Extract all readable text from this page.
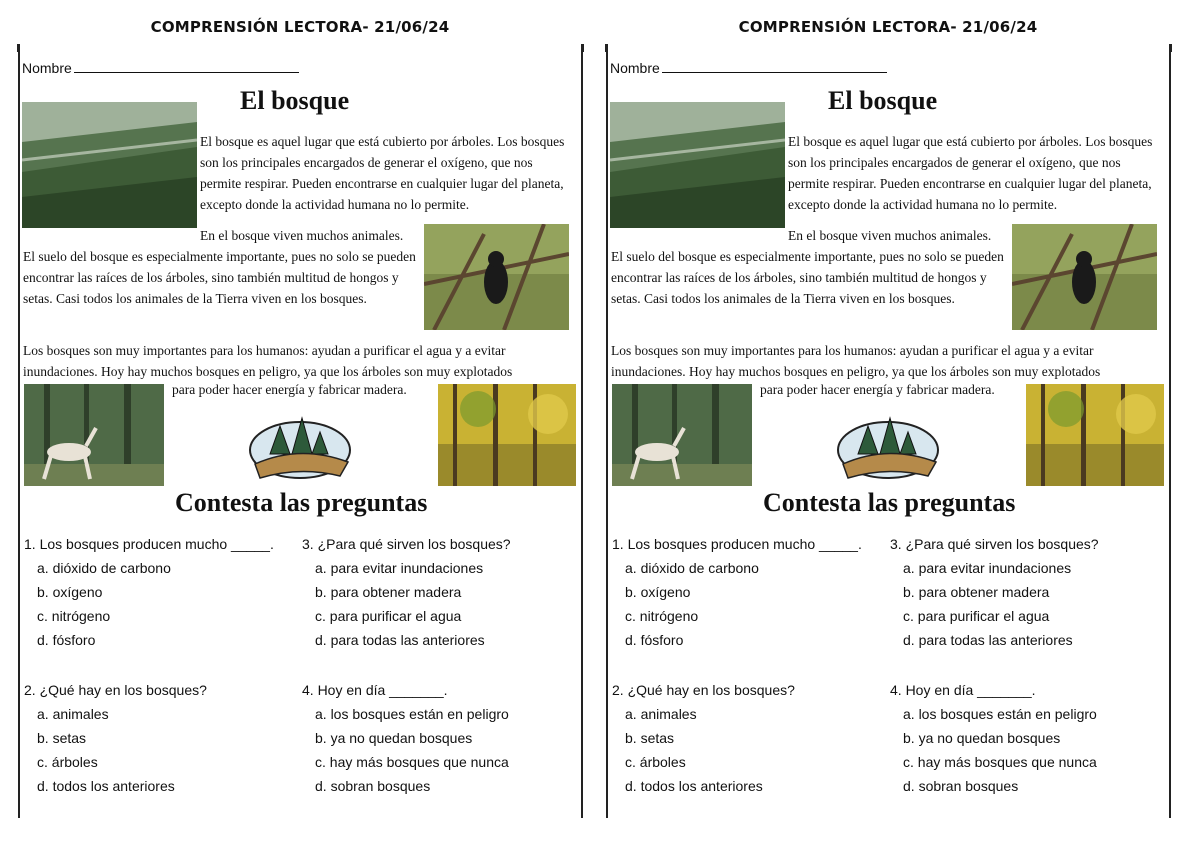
COMPRENSIÓN LECTORA- 21/06/24
Nombre
El bosque

El bosque es aquel lugar que está cubierto por árboles. Los bosques son los principales encargados de generar el oxígeno, que nos permite respirar. Pueden encontrarse en cualquier lugar del planeta, excepto donde la actividad humana no lo permite.

En el bosque viven muchos animales.

El suelo del bosque es especialmente importante, pues no solo se pueden encontrar las raíces de los árboles, sino también multitud de hongos y setas. Casi todos los animales de la Tierra viven en los bosques.

Los bosques son muy importantes para los humanos: ayudan a purificar el agua y a evitar inundaciones. Hoy hay muchos bosques en peligro, ya que los árboles son muy explotados

para poder hacer energía y fabricar madera.

Contesta las preguntas
1. Los bosques producen mucho _____.
a. dióxido de carbono
b. oxígeno
c. nitrógeno
d. fósforo
3. ¿Para qué sirven los bosques?
a. para evitar inundaciones
b. para obtener madera
c. para purificar el agua
d. para todas las anteriores
2. ¿Qué hay en los bosques?
a. animales
b. setas
c. árboles
d. todos los anteriores
4. Hoy en día _______.
a. los bosques están en peligro
b. ya no quedan bosques
c. hay más bosques que nunca
d. sobran bosques
COMPRENSIÓN LECTORA- 21/06/24
Nombre
El bosque

El bosque es aquel lugar que está cubierto por árboles. Los bosques son los principales encargados de generar el oxígeno, que nos permite respirar. Pueden encontrarse en cualquier lugar del planeta, excepto donde la actividad humana no lo permite.

En el bosque viven muchos animales.

El suelo del bosque es especialmente importante, pues no solo se pueden encontrar las raíces de los árboles, sino también multitud de hongos y setas. Casi todos los animales de la Tierra viven en los bosques.

Los bosques son muy importantes para los humanos: ayudan a purificar el agua y a evitar inundaciones. Hoy hay muchos bosques en peligro, ya que los árboles son muy explotados

para poder hacer energía y fabricar madera.

Contesta las preguntas
1. Los bosques producen mucho _____.
a. dióxido de carbono
b. oxígeno
c. nitrógeno
d. fósforo
3. ¿Para qué sirven los bosques?
a. para evitar inundaciones
b. para obtener madera
c. para purificar el agua
d. para todas las anteriores
2. ¿Qué hay en los bosques?
a. animales
b. setas
c. árboles
d. todos los anteriores
4. Hoy en día _______.
a. los bosques están en peligro
b. ya no quedan bosques
c. hay más bosques que nunca
d. sobran bosques
